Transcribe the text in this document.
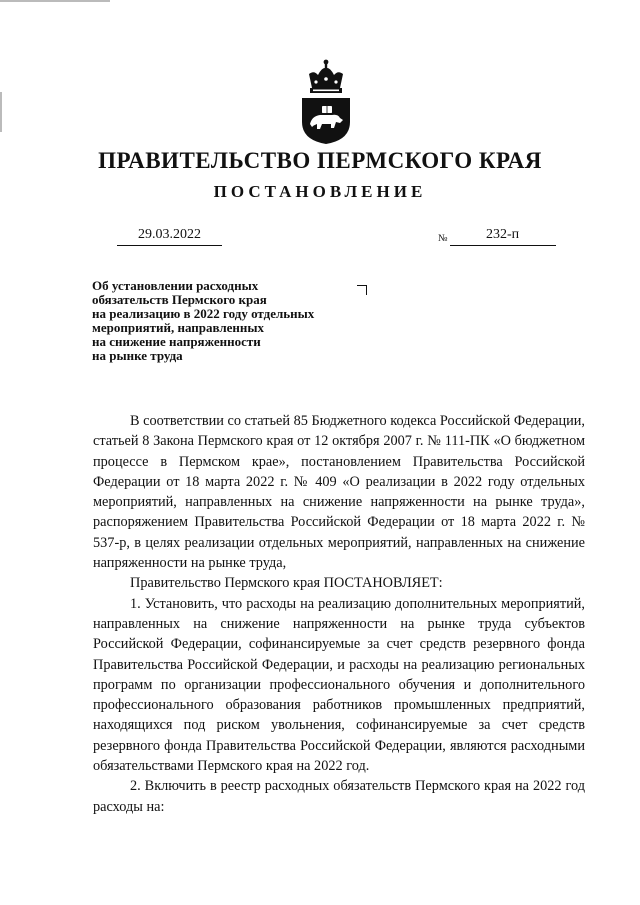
ПРАВИТЕЛЬСТВО ПЕРМСКОГО КРАЯ
ПОСТАНОВЛЕНИЕ
29.03.2022	№	232-п
Об установлении расходных
обязательств Пермского края
на реализацию в 2022 году отдельных
мероприятий, направленных
на снижение напряженности
на рынке труда

В соответствии со статьей 85 Бюджетного кодекса Российской Федерации, статьей 8 Закона Пермского края от 12 октября 2007 г. № 111-ПК «О бюджетном процессе в Пермском крае», постановлением Правительства Российской Федерации от 18 марта 2022 г. № 409 «О реализации в 2022 году отдельных мероприятий, направленных на снижение напряженности на рынке труда», распоряжением Правительства Российской Федерации от 18 марта 2022 г. № 537-р, в целях реализации отдельных мероприятий, направленных на снижение напряженности на рынке труда,

Правительство Пермского края ПОСТАНОВЛЯЕТ:

1. Установить, что расходы на реализацию дополнительных мероприятий, направленных на снижение напряженности на рынке труда субъектов Российской Федерации, софинансируемые за счет средств резервного фонда Правительства Российской Федерации, и расходы на реализацию региональных программ по организации профессионального обучения и дополнительного профессионального образования работников промышленных предприятий, находящихся под риском увольнения, софинансируемые за счет средств резервного фонда Правительства Российской Федерации, являются расходными обязательствами Пермского края на 2022 год.

2. Включить в реестр расходных обязательств Пермского края на 2022 год расходы на:
